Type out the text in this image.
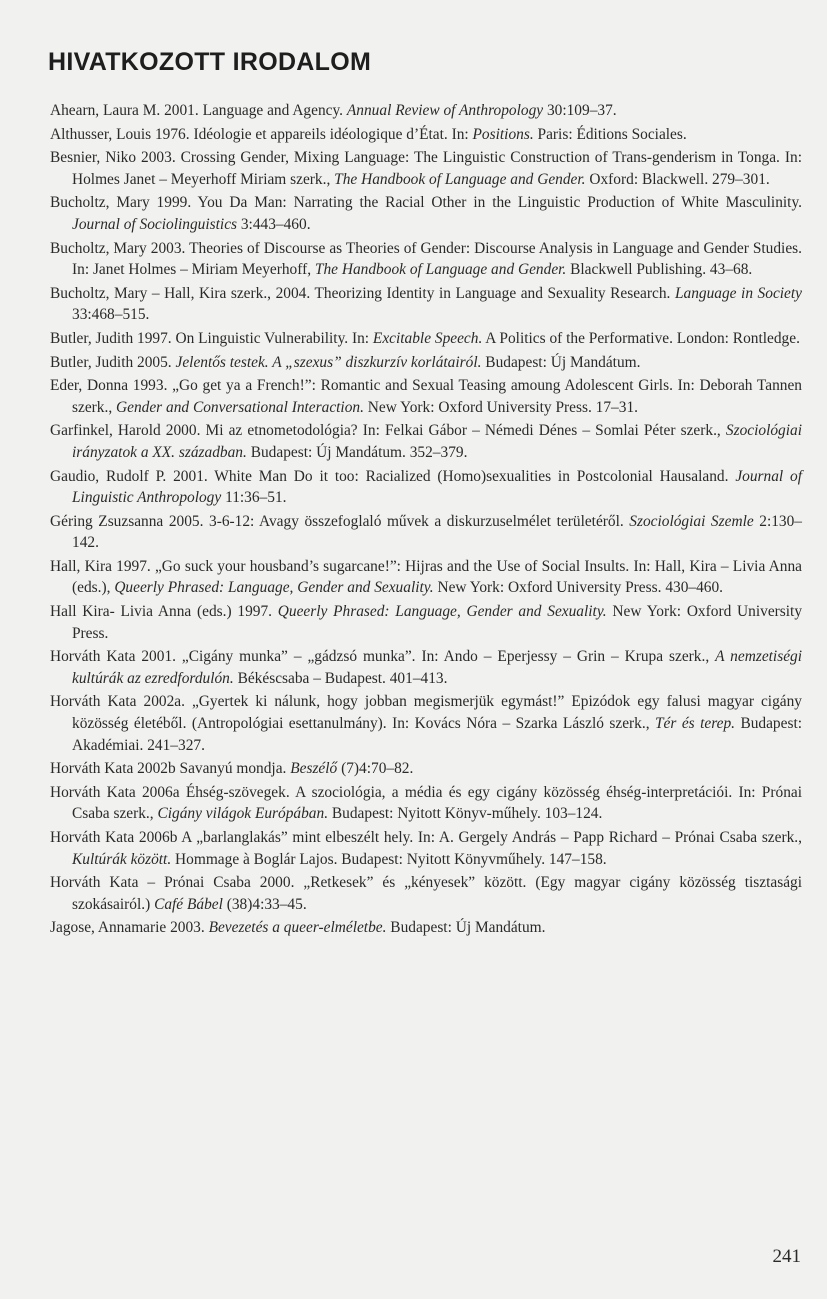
HIVATKOZOTT IRODALOM

Ahearn, Laura M. 2001. Language and Agency. Annual Review of Anthropology 30:109–37.

Althusser, Louis 1976. Idéologie et appareils idéologique d’État. In: Positions. Paris: Éditions Sociales.

Besnier, Niko 2003. Crossing Gender, Mixing Language: The Linguistic Construction of Trans-genderism in Tonga. In: Holmes Janet – Meyerhoff Miriam szerk., The Handbook of Language and Gender. Oxford: Blackwell. 279–301.

Bucholtz, Mary 1999. You Da Man: Narrating the Racial Other in the Linguistic Production of White Masculinity. Journal of Sociolinguistics 3:443–460.

Bucholtz, Mary 2003. Theories of Discourse as Theories of Gender: Discourse Analysis in Language and Gender Studies. In: Janet Holmes – Miriam Meyerhoff, The Handbook of Language and Gender. Blackwell Publishing. 43–68.

Bucholtz, Mary – Hall, Kira szerk., 2004. Theorizing Identity in Language and Sexuality Research. Language in Society 33:468–515.

Butler, Judith 1997. On Linguistic Vulnerability. In: Excitable Speech. A Politics of the Performative. London: Rontledge.

Butler, Judith 2005. Jelentős testek. A „szexus” diszkurzív korlátairól. Budapest: Új Mandátum.

Eder, Donna 1993. „Go get ya a French!”: Romantic and Sexual Teasing amoung Adolescent Girls. In: Deborah Tannen szerk., Gender and Conversational Interaction. New York: Oxford University Press. 17–31.

Garfinkel, Harold 2000. Mi az etnometodológia? In: Felkai Gábor – Némedi Dénes – Somlai Péter szerk., Szociológiai irányzatok a XX. században. Budapest: Új Mandátum. 352–379.

Gaudio, Rudolf P. 2001. White Man Do it too: Racialized (Homo)sexualities in Postcolonial Hausaland. Journal of Linguistic Anthropology 11:36–51.

Géring Zsuzsanna 2005. 3-6-12: Avagy összefoglaló művek a diskurzuselmélet területéről. Szociológiai Szemle 2:130–142.

Hall, Kira 1997. „Go suck your housband’s sugarcane!”: Hijras and the Use of Social Insults. In: Hall, Kira – Livia Anna (eds.), Queerly Phrased: Language, Gender and Sexuality. New York: Oxford University Press. 430–460.

Hall Kira- Livia Anna (eds.) 1997. Queerly Phrased: Language, Gender and Sexuality. New York: Oxford University Press.

Horváth Kata 2001. „Cigány munka” – „gádzsó munka”. In: Ando – Eperjessy – Grin – Krupa szerk., A nemzetiségi kultúrák az ezredfordulón. Békéscsaba – Budapest. 401–413.

Horváth Kata 2002a. „Gyertek ki nálunk, hogy jobban megismerjük egymást!” Epizódok egy falusi magyar cigány közösség életéből. (Antropológiai esettanulmány). In: Kovács Nóra – Szarka László szerk., Tér és terep. Budapest: Akadémiai. 241–327.

Horváth Kata 2002b Savanyú mondja. Beszélő (7)4:70–82.

Horváth Kata 2006a Éhség-szövegek. A szociológia, a média és egy cigány közösség éhség-interpretációi. In: Prónai Csaba szerk., Cigány világok Európában. Budapest: Nyitott Könyv-műhely. 103–124.

Horváth Kata 2006b A „barlanglakás” mint elbeszélt hely. In: A. Gergely András – Papp Richard – Prónai Csaba szerk., Kultúrák között. Hommage à Boglár Lajos. Budapest: Nyitott Könyvműhely. 147–158.

Horváth Kata – Prónai Csaba 2000. „Retkesek” és „kényesek” között. (Egy magyar cigány közösség tisztasági szokásairól.) Café Bábel (38)4:33–45.

Jagose, Annamarie 2003. Bevezetés a queer-elméletbe. Budapest: Új Mandátum.

241
